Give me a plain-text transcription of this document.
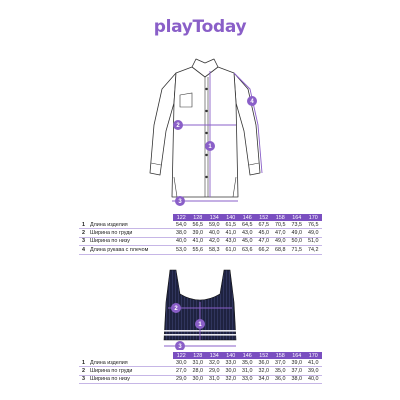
playToday
1
2
3
4
	122	128	134	140	146	152	158	164	170
1 Длина изделия	54,0	56,5	59,0	61,5	64,5	67,5	70,5	73,5	76,5
2 Ширина по груди	38,0	39,0	40,0	41,0	43,0	45,0	47,0	49,0	49,0
3 Ширина по низу	40,0	41,0	42,0	43,0	45,0	47,0	49,0	50,0	51,0
4 Длина рукава с плечом	53,0	55,6	58,3	61,0	63,6	66,2	68,8	71,5	74,2
1
2
3
	122	128	134	140	146	152	158	164	170
1 Длина изделия	30,0	31,0	32,0	33,0	35,0	36,0	37,0	39,0	41,0
2 Ширина по груди	27,0	28,0	29,0	30,0	31,0	32,0	35,0	37,0	39,0
3 Ширина по низу	29,0	30,0	31,0	32,0	33,0	34,0	36,0	38,0	40,0
